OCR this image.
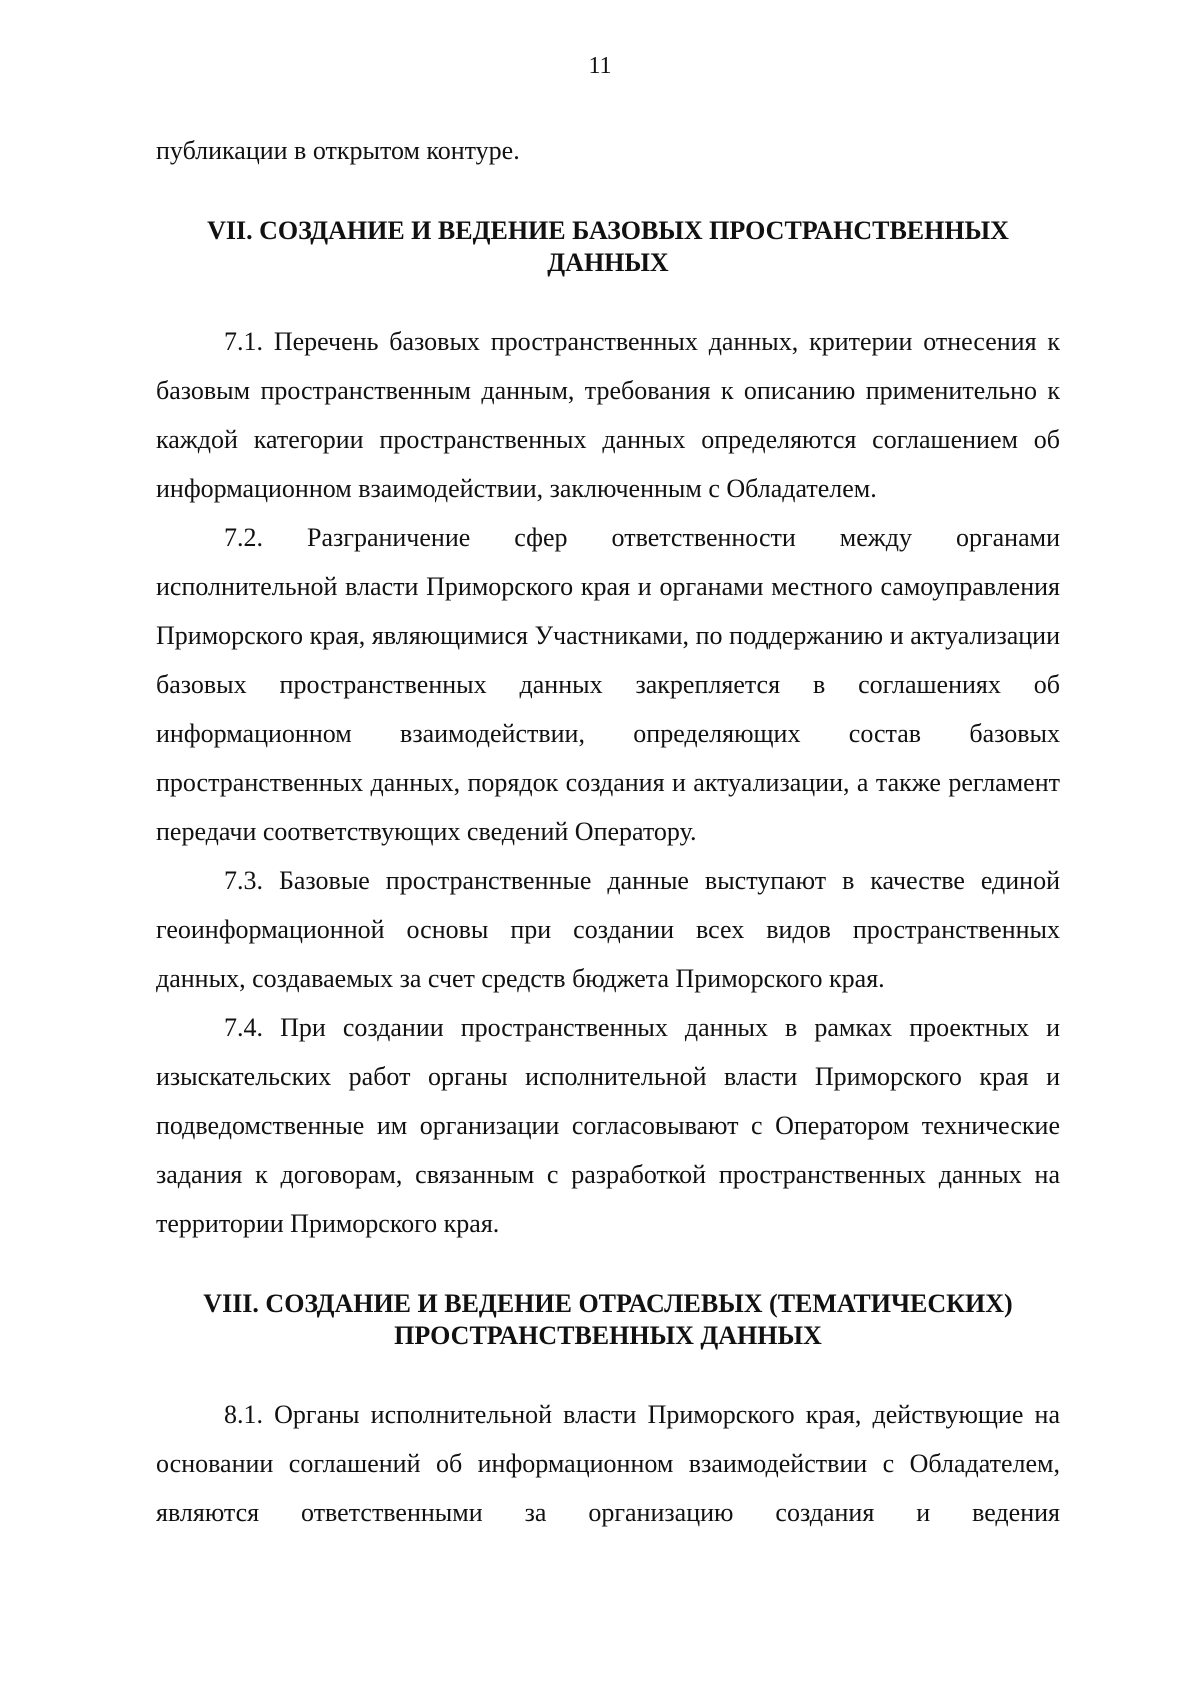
11

публикации в открытом контуре.

VII. СОЗДАНИЕ И ВЕДЕНИЕ БАЗОВЫХ ПРОСТРАНСТВЕННЫХ
ДАННЫХ

7.1. Перечень базовых пространственных данных, критерии отнесения к базовым пространственным данным, требования к описанию применительно к каждой категории пространственных данных определяются соглашением об информационном взаимодействии, заключенным с Обладателем.

7.2. Разграничение сфер ответственности между органами исполнительной власти Приморского края и органами местного самоуправления Приморского края, являющимися Участниками, по поддержанию и актуализации базовых пространственных данных закрепляется в соглашениях об информационном взаимодействии, определяющих состав базовых пространственных данных, порядок создания и актуализации, а также регламент передачи соответствующих сведений Оператору.

7.3. Базовые пространственные данные выступают в качестве единой геоинформационной основы при создании всех видов пространственных данных, создаваемых за счет средств бюджета Приморского края.

7.4. При создании пространственных данных в рамках проектных и изыскательских работ органы исполнительной власти Приморского края и подведомственные им организации согласовывают с Оператором технические задания к договорам, связанным с разработкой пространственных данных на территории Приморского края.

VIII. СОЗДАНИЕ И ВЕДЕНИЕ ОТРАСЛЕВЫХ (ТЕМАТИЧЕСКИХ)
ПРОСТРАНСТВЕННЫХ ДАННЫХ

8.1. Органы исполнительной власти Приморского края, действующие на основании соглашений об информационном взаимодействии с Обладателем, являются ответственными за организацию создания и ведения
